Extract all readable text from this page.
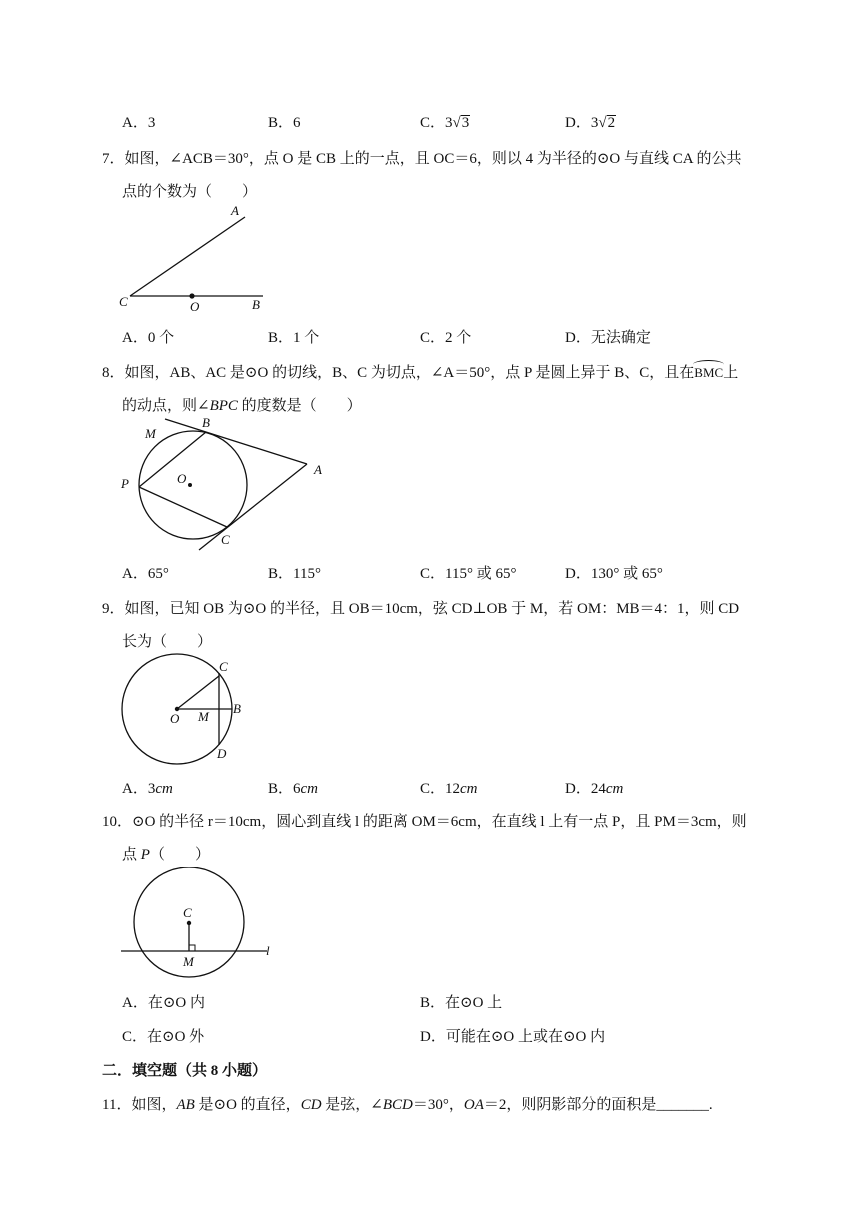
A．3	B．6	C．3√3	D．3√2
7．如图，∠ACB＝30°，点 O 是 CB 上的一点，且 OC＝6，则以 4 为半径的⊙O 与直线 CA 的公共
点的个数为（　　）
A
C	O	B
A．0 个	B．1 个	C．2 个	D．无法确定
8．如图，AB、AC 是⊙O 的切线，B、C 为切点，∠A＝50°，点 P 是圆上异于 B、C，且在BMC上
的动点，则∠BPC 的度数是（　　）
M
B
O
A
P
C
A．65°	B．115°	C．115° 或 65°	D．130° 或 65°
9．如图，已知 OB 为⊙O 的半径，且 OB＝10cm，弦 CD⊥OB 于 M，若 OM：MB＝4：1，则 CD
长为（　　）
C
O M
B
D
A．3cm	B．6cm	C．12cm	D．24cm
10．⊙O 的半径 r＝10cm，圆心到直线 l 的距离 OM＝6cm，在直线 l 上有一点 P，且 PM＝3cm，则
点 P（　　）
C
M
l
A．在⊙O 内	B．在⊙O 上
C．在⊙O 外	D．可能在⊙O 上或在⊙O 内
二．填空题（共 8 小题）
11．如图，AB 是⊙O 的直径，CD 是弦，∠BCD＝30°，OA＝2，则阴影部分的面积是_______.
